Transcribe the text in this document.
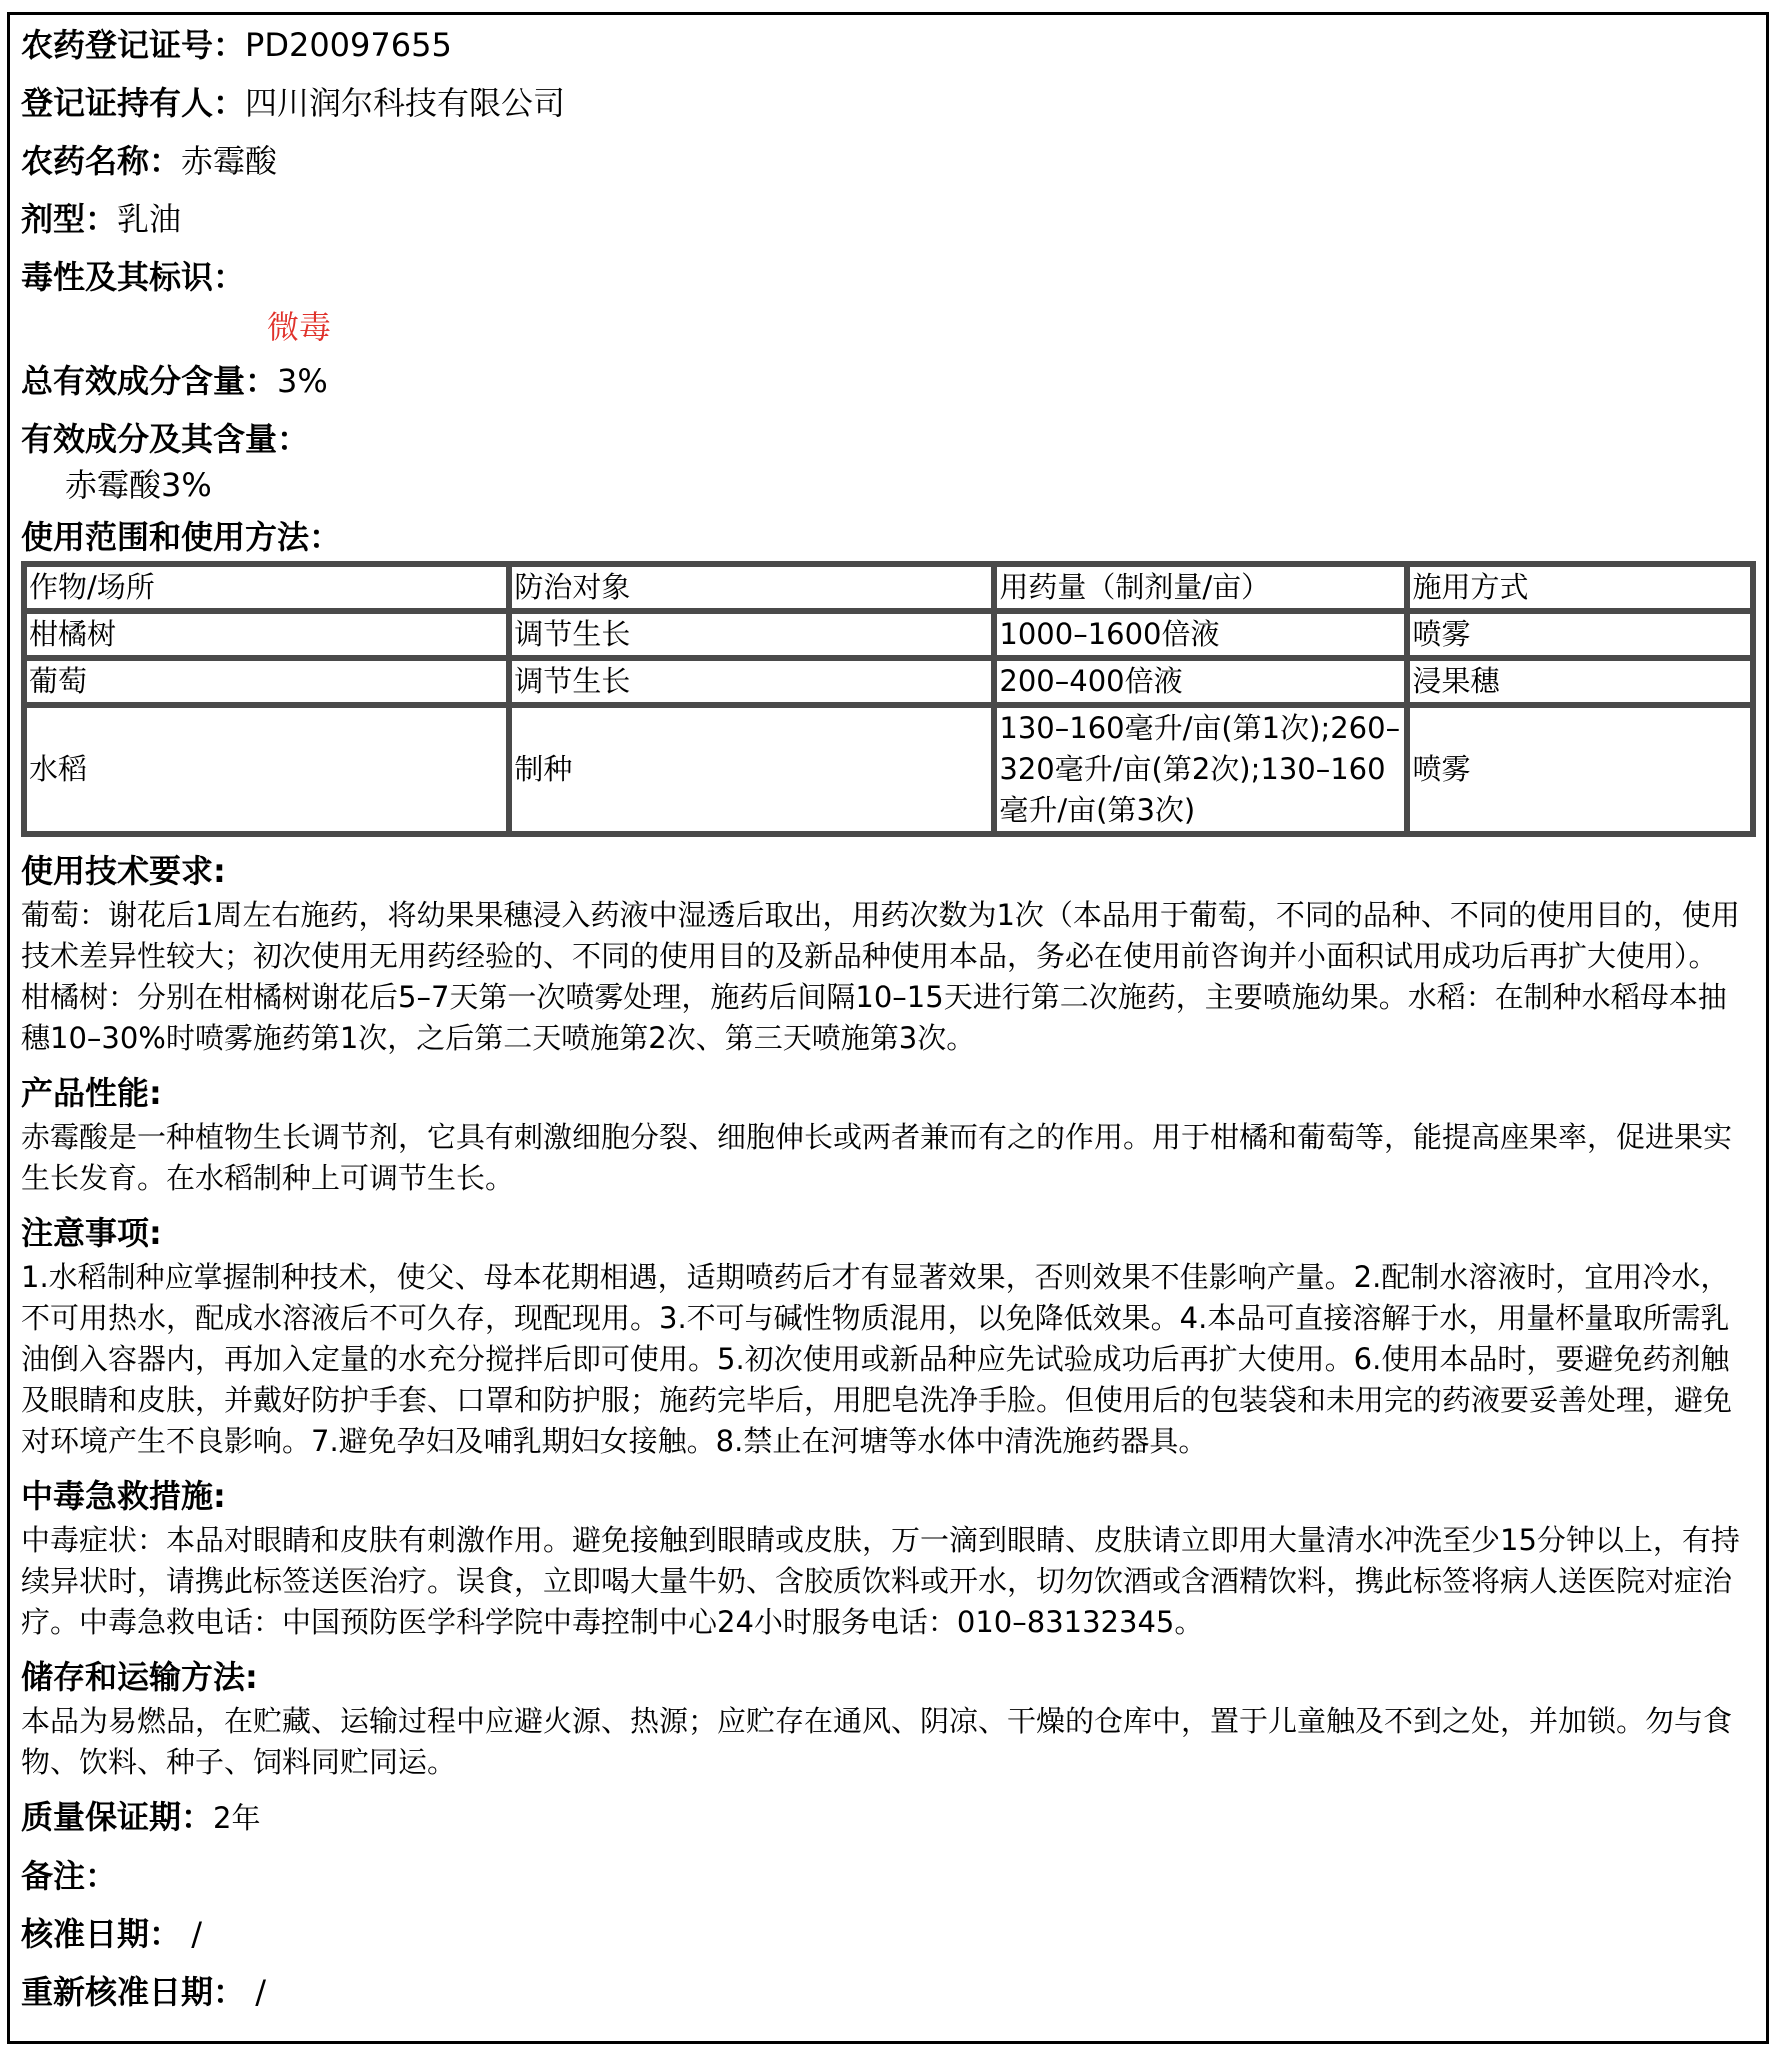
农药登记证号：PD20097655
登记证持有人：四川润尔科技有限公司
农药名称：赤霉酸
剂型：乳油
毒性及其标识：
微毒
总有效成分含量：3%
有效成分及其含量：
赤霉酸3%
使用范围和使用方法：
作物/场所	防治对象	用药量（制剂量/亩）	施用方式
柑橘树	调节生长	1000–1600倍液	喷雾
葡萄	调节生长	200–400倍液	浸果穗
水稻	制种	130–160毫升/亩(第1次);260–320毫升/亩(第2次);130–160毫升/亩(第3次)	喷雾
使用技术要求:
葡萄：谢花后1周左右施药，将幼果果穗浸入药液中湿透后取出，用药次数为1次（本品用于葡萄，不同的品种、不同的使用目的，使用技术差异性较大；初次使用无用药经验的、不同的使用目的及新品种使用本品，务必在使用前咨询并小面积试用成功后再扩大使用）。 柑橘树：分别在柑橘树谢花后5–7天第一次喷雾处理，施药后间隔10–15天进行第二次施药，主要喷施幼果。水稻：在制种水稻母本抽穗10–30%时喷雾施药第1次，之后第二天喷施第2次、第三天喷施第3次。
产品性能:
赤霉酸是一种植物生长调节剂，它具有刺激细胞分裂、细胞伸长或两者兼而有之的作用。用于柑橘和葡萄等，能提高座果率，促进果实生长发育。在水稻制种上可调节生长。
注意事项:
1.水稻制种应掌握制种技术，使父、母本花期相遇，适期喷药后才有显著效果，否则效果不佳影响产量。2.配制水溶液时，宜用冷水，不可用热水，配成水溶液后不可久存，现配现用。3.不可与碱性物质混用，以免降低效果。4.本品可直接溶解于水，用量杯量取所需乳油倒入容器内，再加入定量的水充分搅拌后即可使用。5.初次使用或新品种应先试验成功后再扩大使用。6.使用本品时，要避免药剂触及眼睛和皮肤，并戴好防护手套、口罩和防护服；施药完毕后，用肥皂洗净手脸。但使用后的包装袋和未用完的药液要妥善处理，避免对环境产生不良影响。7.避免孕妇及哺乳期妇女接触。8.禁止在河塘等水体中清洗施药器具。
中毒急救措施:
中毒症状：本品对眼睛和皮肤有刺激作用。避免接触到眼睛或皮肤，万一滴到眼睛、皮肤请立即用大量清水冲洗至少15分钟以上，有持续异状时，请携此标签送医治疗。误食，立即喝大量牛奶、含胶质饮料或开水，切勿饮酒或含酒精饮料，携此标签将病人送医院对症治疗。中毒急救电话：中国预防医学科学院中毒控制中心24小时服务电话：010–83132345。
储存和运输方法:
本品为易燃品，在贮藏、运输过程中应避火源、热源；应贮存在通风、阴凉、干燥的仓库中，置于儿童触及不到之处，并加锁。勿与食物、饮料、种子、饲料同贮同运。
质量保证期：2年
备注：
核准日期： /
重新核准日期： /
